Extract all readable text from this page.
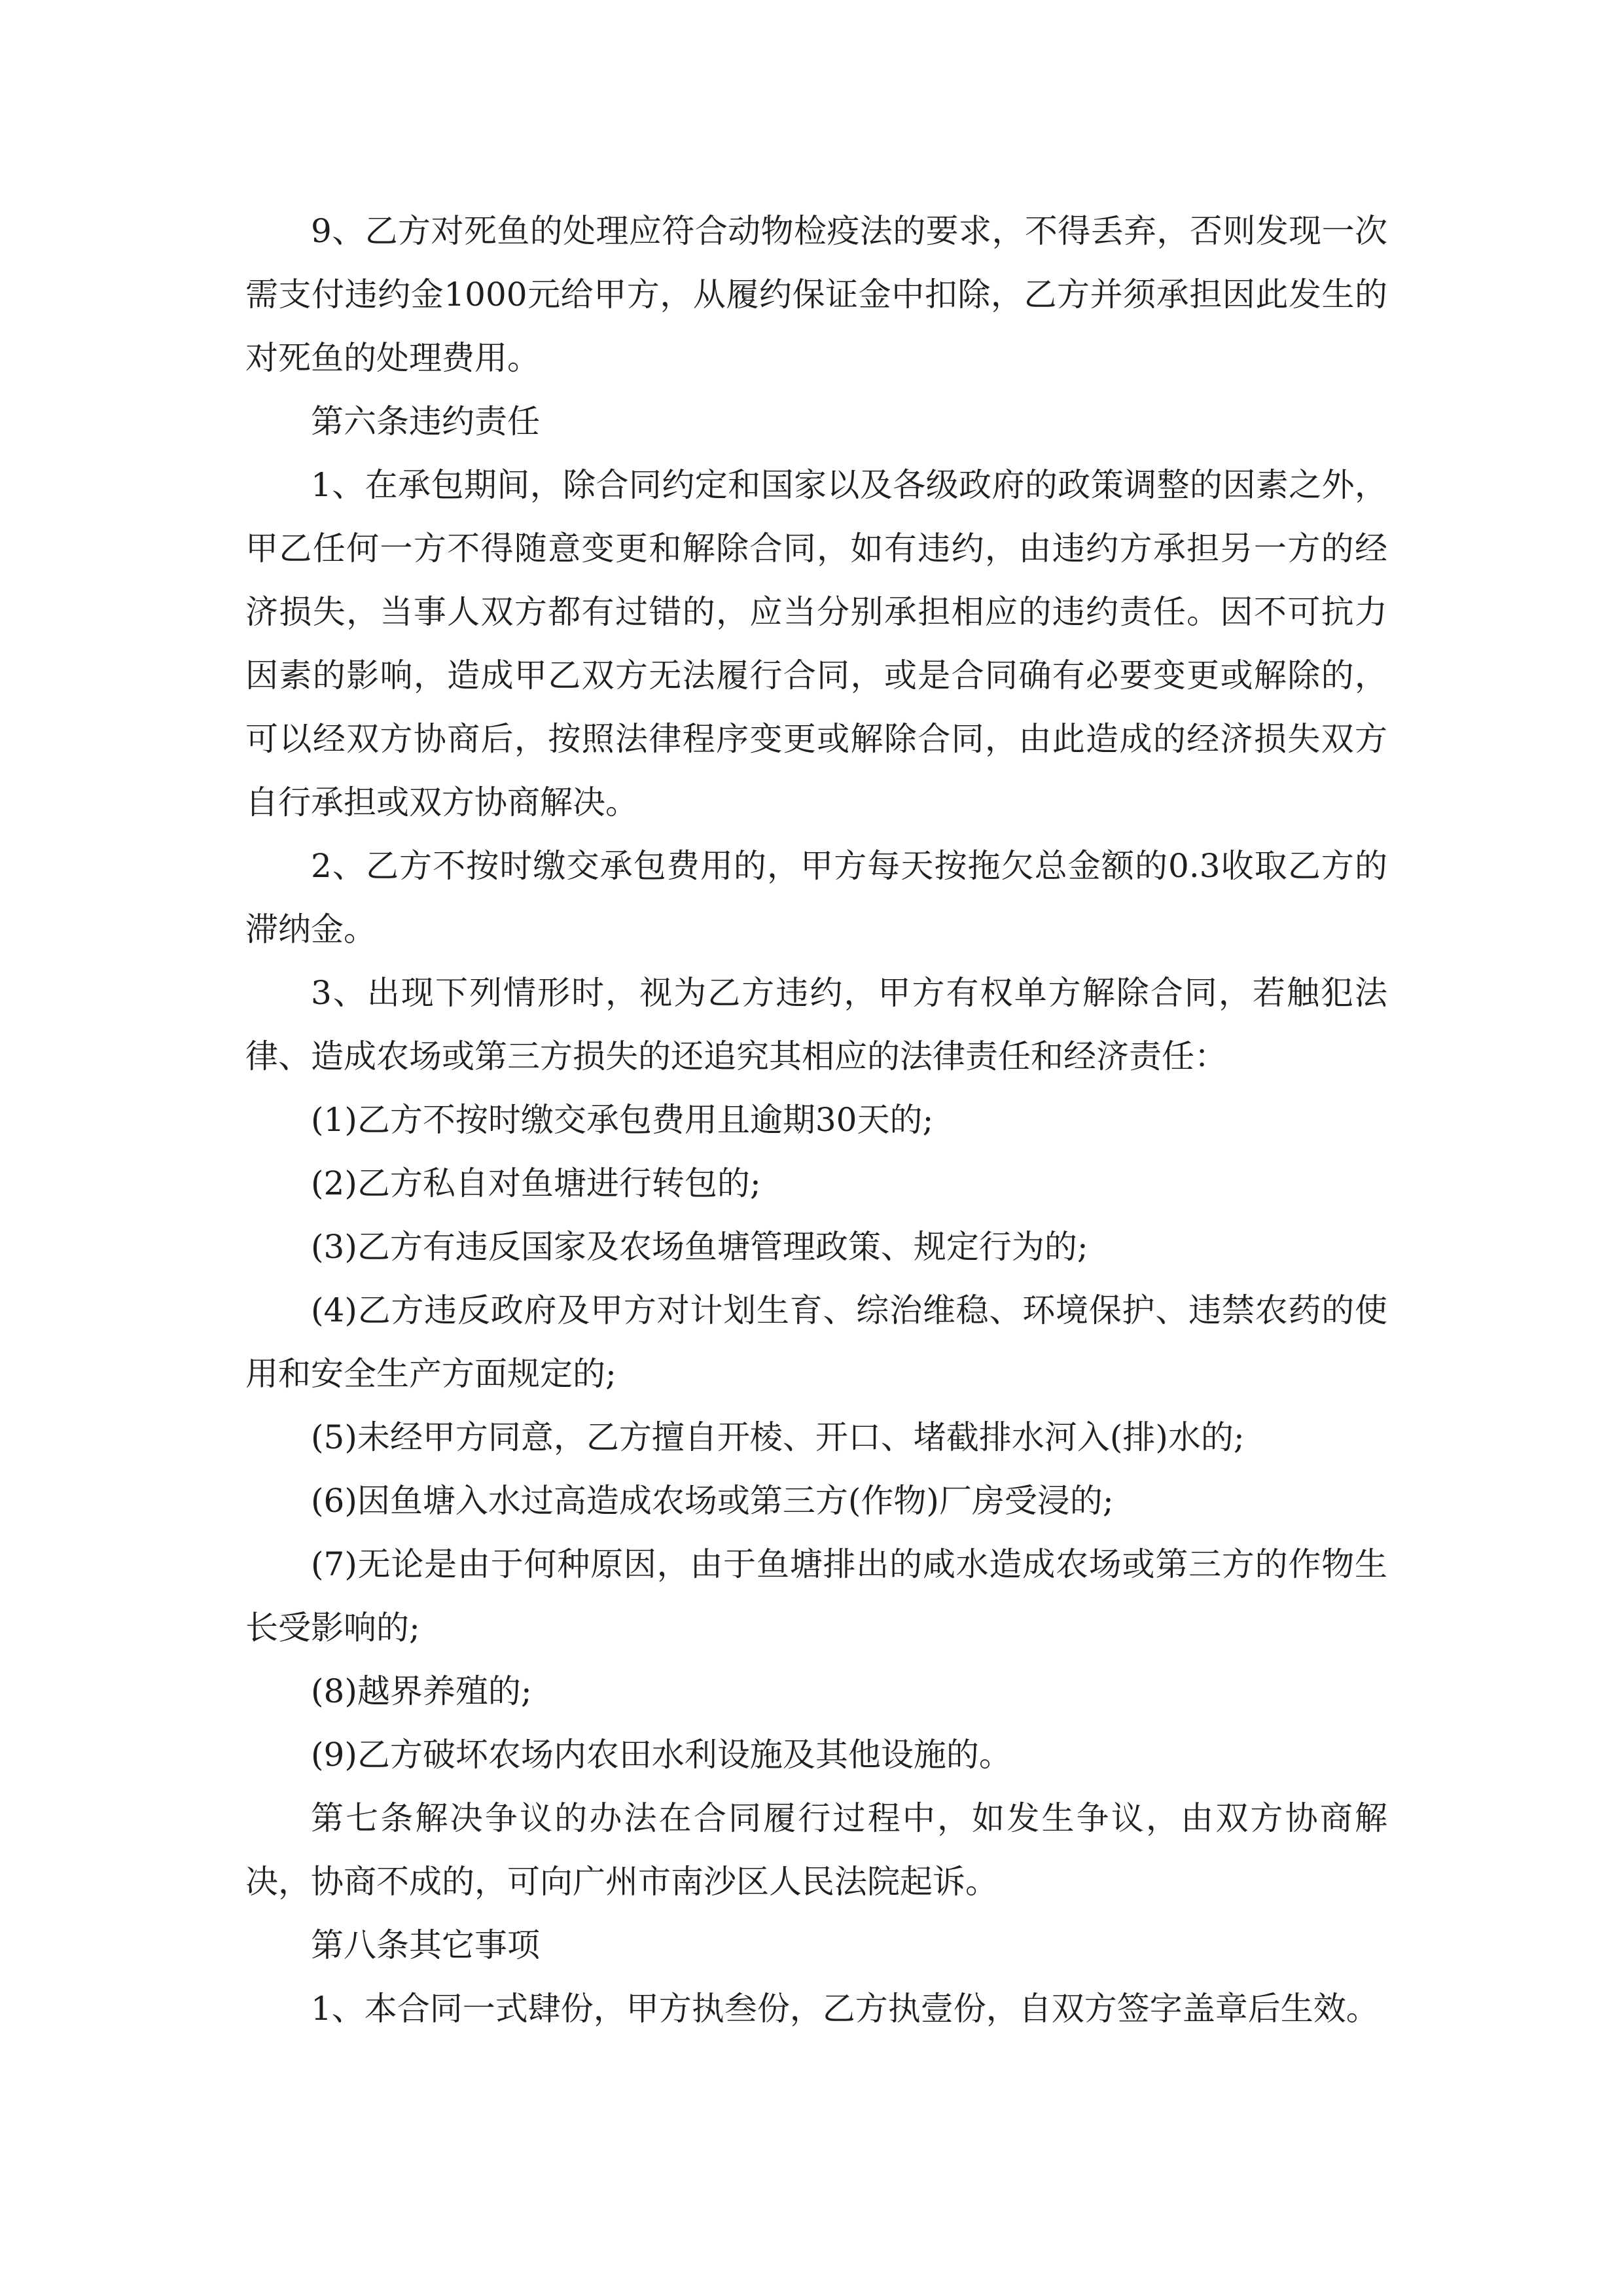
9、乙方对死鱼的处理应符合动物检疫法的要求，不得丢弃，否则发现一次需支付违约金1000元给甲方，从履约保证金中扣除，乙方并须承担因此发生的对死鱼的处理费用。

第六条违约责任

1、在承包期间，除合同约定和国家以及各级政府的政策调整的因素之外，甲乙任何一方不得随意变更和解除合同，如有违约，由违约方承担另一方的经济损失，当事人双方都有过错的，应当分别承担相应的违约责任。因不可抗力因素的影响，造成甲乙双方无法履行合同，或是合同确有必要变更或解除的，可以经双方协商后，按照法律程序变更或解除合同，由此造成的经济损失双方自行承担或双方协商解决。

2、乙方不按时缴交承包费用的，甲方每天按拖欠总金额的0.3收取乙方的滞纳金。

3、出现下列情形时，视为乙方违约，甲方有权单方解除合同，若触犯法律、造成农场或第三方损失的还追究其相应的法律责任和经济责任：

(1)乙方不按时缴交承包费用且逾期30天的;

(2)乙方私自对鱼塘进行转包的;

(3)乙方有违反国家及农场鱼塘管理政策、规定行为的;

(4)乙方违反政府及甲方对计划生育、综治维稳、环境保护、违禁农药的使用和安全生产方面规定的;

(5)未经甲方同意，乙方擅自开棱、开口、堵截排水河入(排)水的;

(6)因鱼塘入水过高造成农场或第三方(作物)厂房受浸的;

(7)无论是由于何种原因，由于鱼塘排出的咸水造成农场或第三方的作物生长受影响的;

(8)越界养殖的;

(9)乙方破坏农场内农田水利设施及其他设施的。

第七条解决争议的办法在合同履行过程中，如发生争议，由双方协商解决，协商不成的，可向广州市南沙区人民法院起诉。

第八条其它事项

1、本合同一式肆份，甲方执叁份，乙方执壹份，自双方签字盖章后生效。
